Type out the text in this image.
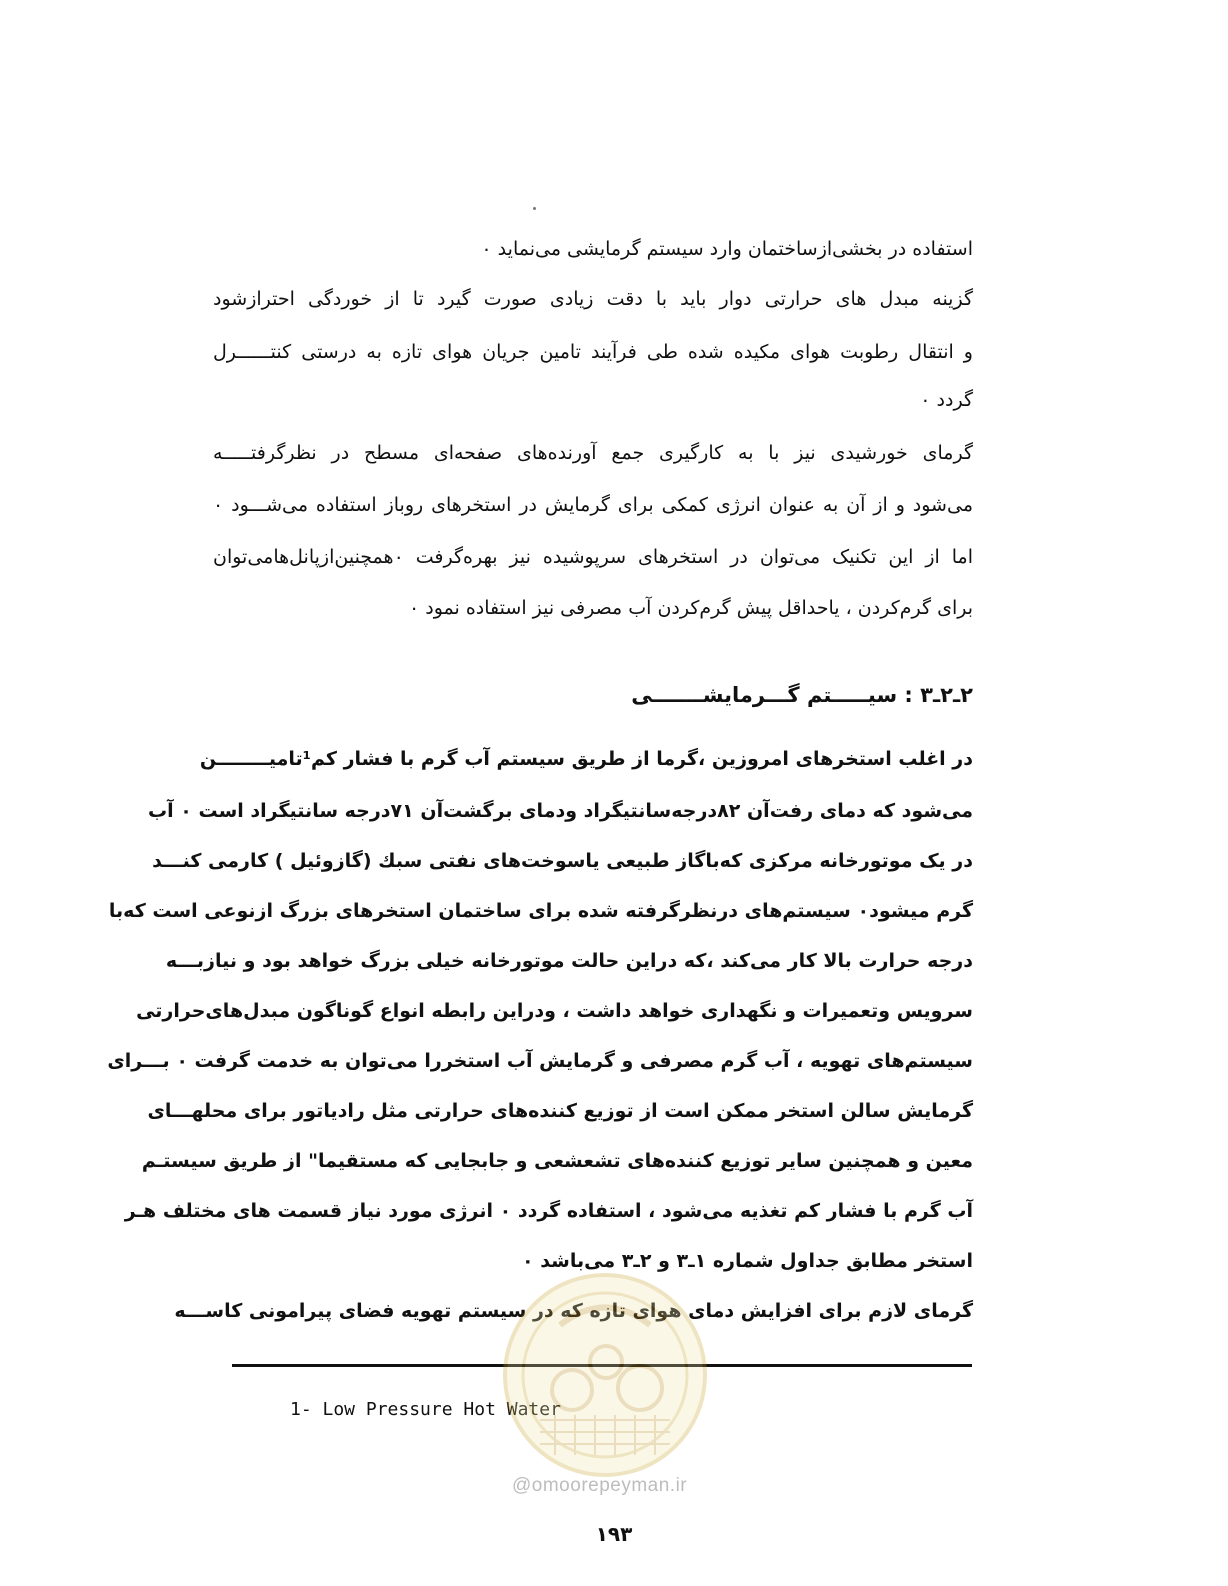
استفاده در بخشی‌ازساختمان وارد سیستم گرمایشی می‌نماید ٠
گزینه مبدل های حرارتی دوار باید با دقت زیادی صورت گیرد تا از خوردگی احترازشود
و انتقال رطوبت هوای مکیده شده طی فرآیند تامین جریان هوای تازه به درستی کنتــــــرل
گردد ٠
گرمای خورشیدی نیز با به کارگیری جمع آورنده‌های صفحه‌ای مسطح در نظرگرفتـــــه
می‌شود و از آن به عنوان انرژی کمکی برای گرمایش در استخرهای روباز استفاده می‌شـــود ٠
اما از این تکنیک می‌توان در استخرهای سرپوشیده نیز بهره‌گرفت ٠همچنین‌ازپانل‌هامی‌توان
برای گرم‌کردن ، یاحداقل پیش گرم‌کردن آب مصرفی نیز استفاده نمود ٠
۲ـ۲ـ۳ : سیـــــتم گـــرمایشـــــــی
در اغلب استخرهای امروزین ،گرما از طریق سیستم آب گرم با فشار کم¹تامیــــــــن
می‌شود که دمای رفت‌آن ۸۲درجه‌سانتیگراد ودمای برگشت‌آن ۷۱درجه سانتیگراد است ٠ آب
در یک موتورخانه مرکزی که‌باگاز طبیعی یاسوخت‌های نفتی سبك (گازوئیل ) کارمی کنـــد
گرم میشود٠ سیستم‌های درنظرگرفته شده برای ساختمان استخرهای بزرگ ازنوعی است که‌با
درجه حرارت بالا کار می‌کند ،که دراین حالت موتورخانه خیلی بزرگ خواهد بود و نیازبـــه
سرویس وتعمیرات و نگهداری خواهد داشت ، ودراین رابطه انواع گوناگون مبدل‌های‌حرارتی
سیستم‌های تهویه ، آب گرم مصرفی و گرمایش آب استخررا می‌توان به خدمت گرفت ٠ بـــرای
گرمایش سالن استخر ممکن است از توزیع کننده‌های حرارتی مثل رادیاتور برای محلهـــای
معین و همچنین سایر توزیع کننده‌های تشعشعی و جابجایی که مستقیما" از طریق سیستـم
آب گرم با فشار کم تغذیه می‌شود ، استفاده گردد ٠ انرژی مورد نیاز قسمت های مختلف هـر
استخر مطابق جداول شماره ۱ـ۳ و ۲ـ۳ می‌باشد ٠
گرمای لازم برای افزایش دمای هوای تازه که در سیستم تهویه فضای پیرامونی کاســـه
1- Low Pressure Hot Water
@omoorepeyman.ir
۱۹۳
